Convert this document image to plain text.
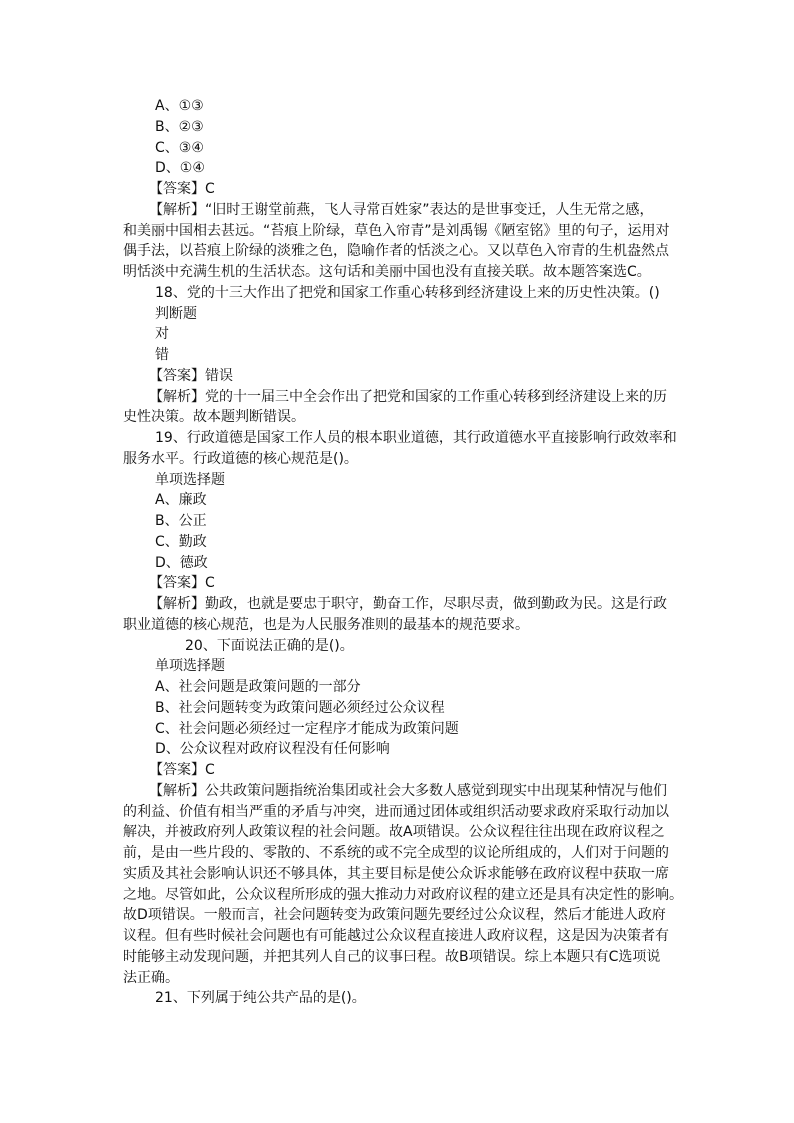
A、①③
B、②③
C、③④
D、①④
【答案】C
【解析】“旧时王谢堂前燕，飞人寻常百姓家”表达的是世事变迁，人生无常之感，
和美丽中国相去甚远。“苔痕上阶绿，草色入帘青”是刘禹锡《陋室铭》里的句子，运用对
偶手法，以苔痕上阶绿的淡雅之色，隐喻作者的恬淡之心。又以草色入帘青的生机盎然点
明恬淡中充满生机的生活状态。这句话和美丽中国也没有直接关联。故本题答案选C。
18、党的十三大作出了把党和国家工作重心转移到经济建设上来的历史性决策。()
判断题
对
错
【答案】错误
【解析】党的十一届三中全会作出了把党和国家的工作重心转移到经济建设上来的历
史性决策。故本题判断错误。
19、行政道德是国家工作人员的根本职业道德，其行政道德水平直接影响行政效率和
服务水平。行政道德的核心规范是()。
单项选择题
A、廉政
B、公正
C、勤政
D、德政
【答案】C
【解析】勤政，也就是要忠于职守，勤奋工作，尽职尽责，做到勤政为民。这是行政
职业道德的核心规范，也是为人民服务准则的最基本的规范要求。
20、下面说法正确的是()。
单项选择题
A、社会问题是政策问题的一部分
B、社会问题转变为政策问题必须经过公众议程
C、社会问题必须经过一定程序才能成为政策问题
D、公众议程对政府议程没有任何影响
【答案】C
【解析】公共政策问题指统治集团或社会大多数人感觉到现实中出现某种情况与他们
的利益、价值有相当严重的矛盾与冲突，进而通过团体或组织活动要求政府采取行动加以
解决，并被政府列人政策议程的社会问题。故A项错误。公众议程往往出现在政府议程之
前，是由一些片段的、零散的、不系统的或不完全成型的议论所组成的，人们对于问题的
实质及其社会影响认识还不够具体，其主要目标是使公众诉求能够在政府议程中获取一席
之地。尽管如此，公众议程所形成的强大推动力对政府议程的建立还是具有决定性的影响。
故D项错误。一般而言，社会问题转变为政策问题先要经过公众议程，然后才能进人政府
议程。但有些时候社会问题也有可能越过公众议程直接进人政府议程，这是因为决策者有
时能够主动发现问题，并把其列人自己的议事曰程。故B项错误。综上本题只有C选项说
法正确。
21、下列属于纯公共产品的是()。
